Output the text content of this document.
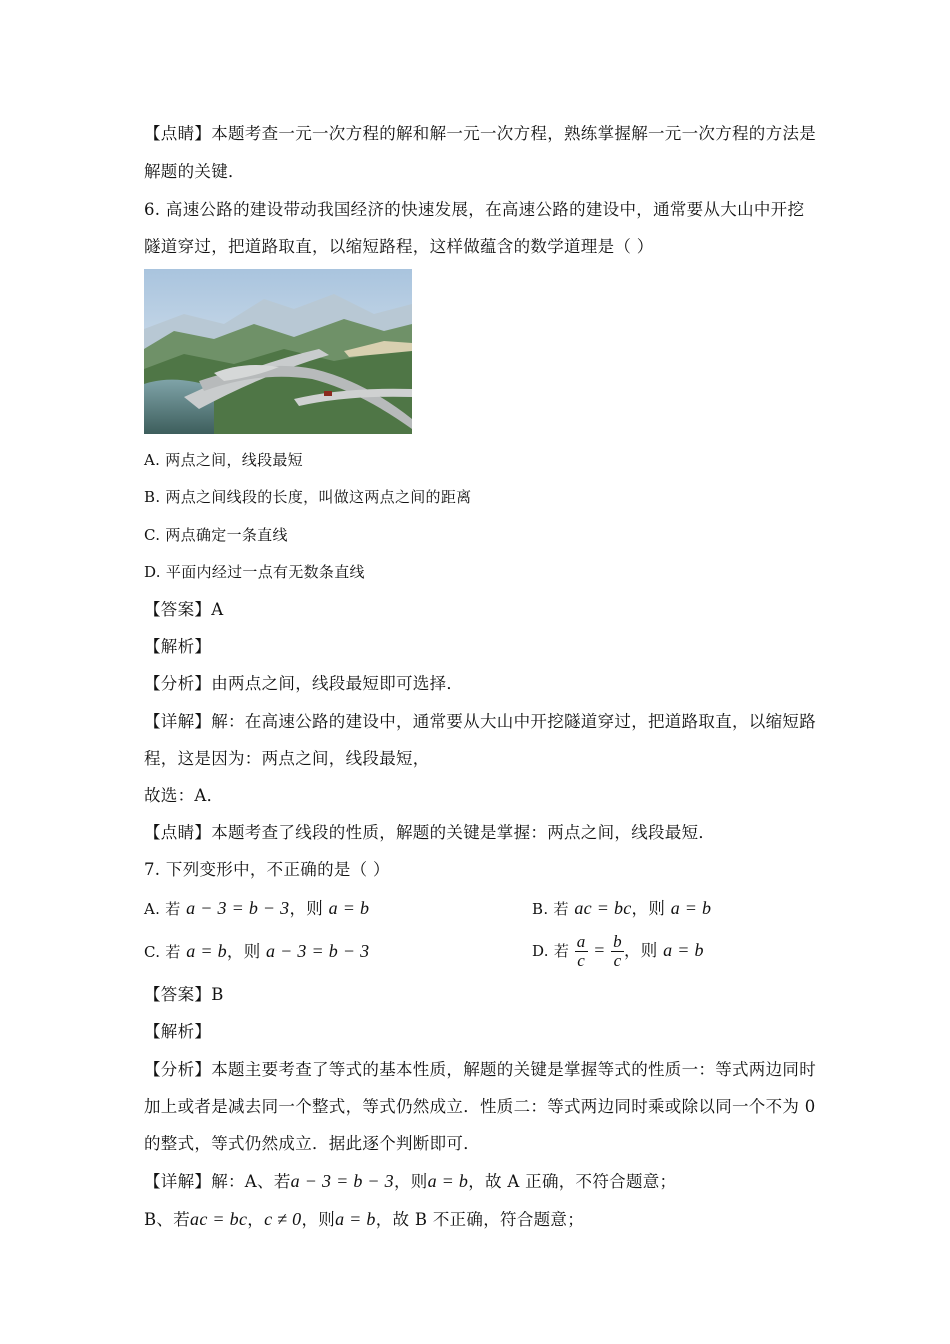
【点睛】本题考查一元一次方程的解和解一元一次方程，熟练掌握解一元一次方程的方法是
解题的关键．
6. 高速公路的建设带动我国经济的快速发展，在高速公路的建设中，通常要从大山中开挖
隧道穿过，把道路取直，以缩短路程，这样做蕴含的数学道理是（ ）
A. 两点之间，线段最短
B. 两点之间线段的长度，叫做这两点之间的距离
C. 两点确定一条直线
D. 平面内经过一点有无数条直线
【答案】A
【解析】
【分析】由两点之间，线段最短即可选择．
【详解】解：在高速公路的建设中，通常要从大山中开挖隧道穿过，把道路取直，以缩短路
程，这是因为：两点之间，线段最短，
故选：A．
【点睛】本题考查了线段的性质，解题的关键是掌握：两点之间，线段最短．
7. 下列变形中，不正确的是（ ）
A. 若 a − 3 = b − 3，则 a = b	B. 若 ac = bc，则 a = b
C. 若 a = b，则 a − 3 = b − 3	D. 若 $\frac{a}{c} = \frac{b}{c}$ ，则 a = b
【答案】B
【解析】
【分析】本题主要考查了等式的基本性质，解题的关键是掌握等式的性质一：等式两边同时
加上或者是减去同一个整式，等式仍然成立．性质二：等式两边同时乘或除以同一个不为 0
的整式，等式仍然成立．据此逐个判断即可．
【详解】解：A、若a − 3 = b − 3，则a = b，故 A 正确，不符合题意；
B、若ac = bc，c ≠ 0，则a = b，故 B 不正确，符合题意；
